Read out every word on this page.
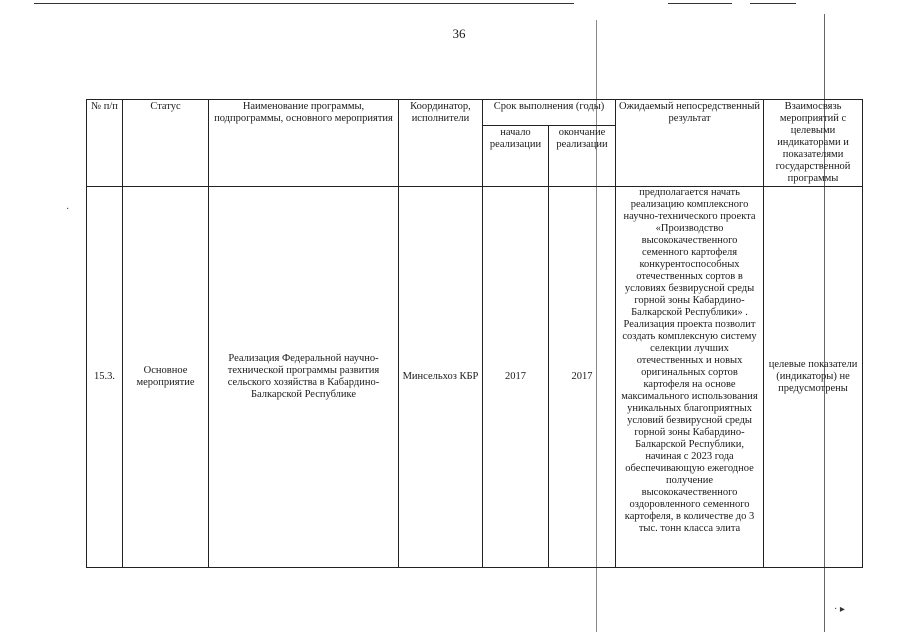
36
№ п/п	Статус	Наименование программы, подпрограммы, основного мероприятия	Координатор, исполнители	Срок выполнения (годы)		Ожидаемый непосредственный результат	Взаимосвязь мероприятий с целевыми индикаторами и показателями государственной программы
				начало реализации	окончание реализации		
15.3.	Основное мероприятие	Реализация Федеральной научно-технической программы развития сельского хозяйства в Кабардино-Балкарской Республике	Минсельхоз КБР	2017	2017	предполагается начать реализацию комплексного научно-технического проекта «Производство высококачественного семенного картофеля конкурентоспособных отечественных сортов в условиях безвирусной среды горной зоны Кабардино-Балкарской Республики» . Реализация проекта позволит создать комплексную систему селекции лучших отечественных и новых оригинальных сортов картофеля на основе максимального использования уникальных благоприятных условий безвирусной среды горной зоны Кабардино-Балкарской Республики, начиная с 2023 года обеспечивающую ежегодное получение высококачественного оздоровленного семенного картофеля, в количестве до 3 тыс. тонн класса элита	целевые показатели (индикаторы) не предусмотрены
·
· ▸
